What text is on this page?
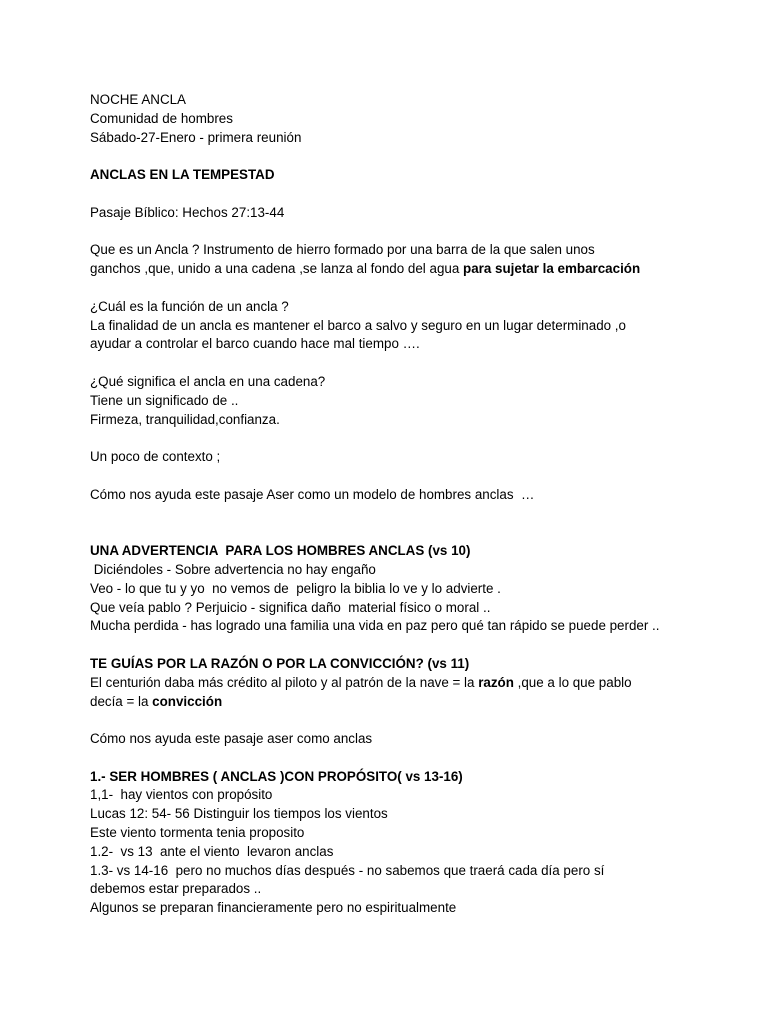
NOCHE ANCLA
Comunidad de hombres
Sábado-27-Enero - primera reunión
ANCLAS EN LA TEMPESTAD
Pasaje Bíblico: Hechos 27:13-44
Que es un Ancla ? Instrumento de hierro formado por una barra de la que salen unos
ganchos ,que, unido a una cadena ,se lanza al fondo del agua para sujetar la embarcación
¿Cuál es la función de un ancla ?
La finalidad de un ancla es mantener el barco a salvo y seguro en un lugar determinado ,o
ayudar a controlar el barco cuando hace mal tiempo ….
¿Qué significa el ancla en una cadena?
Tiene un significado de ..
Firmeza, tranquilidad,confianza.
Un poco de contexto ;
Cómo nos ayuda este pasaje Aser como un modelo de hombres anclas  …
UNA ADVERTENCIA  PARA LOS HOMBRES ANCLAS (vs 10)
Diciéndoles - Sobre advertencia no hay engaño
Veo - lo que tu y yo  no vemos de  peligro la biblia lo ve y lo advierte .
Que veía pablo ? Perjuicio - significa daño  material físico o moral ..
Mucha perdida - has logrado una familia una vida en paz pero qué tan rápido se puede perder ..
TE GUÍAS POR LA RAZÓN O POR LA CONVICCIÓN? (vs 11)
El centurión daba más crédito al piloto y al patrón de la nave = la razón ,que a lo que pablo
decía = la convicción
Cómo nos ayuda este pasaje aser como anclas
1.- SER HOMBRES ( ANCLAS )CON PROPÓSITO( vs 13-16)
1,1-  hay vientos con propósito
Lucas 12: 54- 56 Distinguir los tiempos los vientos
Este viento tormenta tenia proposito
1.2-  vs 13  ante el viento  levaron anclas
1.3- vs 14-16  pero no muchos días después - no sabemos que traerá cada día pero sí
debemos estar preparados ..
Algunos se preparan financieramente pero no espiritualmente
